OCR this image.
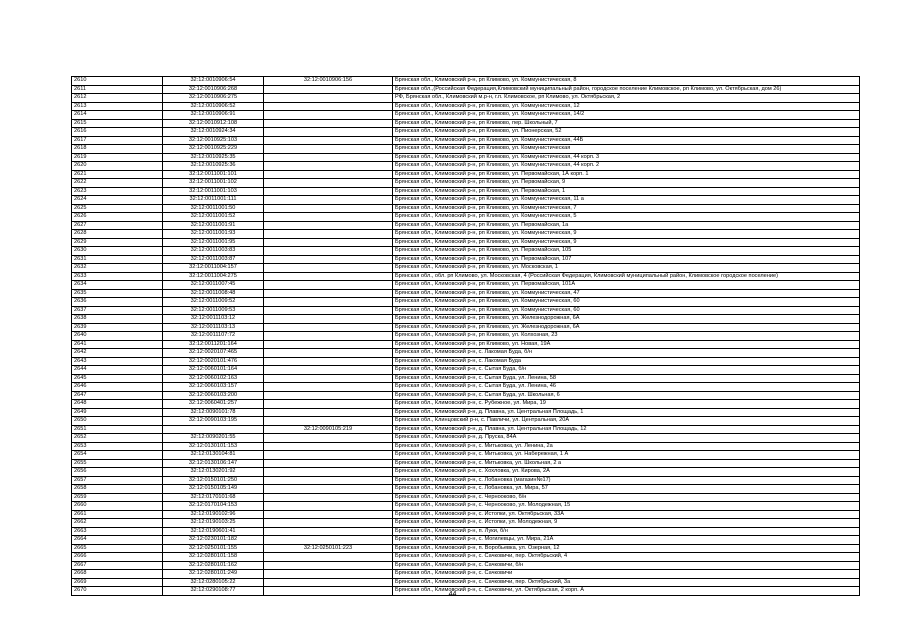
2610	32:12:0010906:54	32:12:0010906:156	Брянская обл., Климовский р-н, рп Климово, ул. Коммунистическая, 8
2611	32:12:0010906:268		Брянская обл.,(Российская Федерация,Климовский муниципальный район, городское поселение Климовское, рп Климово, ул. Октябрьская, дом 26)
2612	32:12:0010906:275		РФ, Брянская обл., Климовский м.р-н, г.п. Климовское, рп Климово, ул. Октябрьская, 2
2613	32:12:0010906:52		Брянская обл., Климовский р-н, рп Климово, ул. Коммунистическая, 12
2614	32:12:0010906:91		Брянская обл., Климовский р-н, рп Климово, ул. Коммунистическая, 14/2
2615	32:12:0010912:108		Брянская обл., Климовский р-н, рп Климово, пер. Школьный, 7
2616	32:12:0010924:34		Брянская обл., Климовский р-н, рп Климово, ул. Пионерская, 52
2617	32:12:0010925:103		Брянская обл., Климовский р-н, рп Климово, ул. Коммунистическая, 44Б
2618	32:12:0010925:229		Брянская обл., Климовский р-н, рп Климово, ул. Коммунистическая
2619	32:12:0010925:35		Брянская обл., Климовский р-н, рп Климово, ул. Коммунистическая, 44 корп. 3
2620	32:12:0010925:36		Брянская обл., Климовский р-н, рп Климово, ул. Коммунистическая, 44 корп. 2
2621	32:12:0011001:101		Брянская обл., Климовский р-н, рп Климово, ул. Первомайская, 1А корп. 1
2622	32:12:0011001:102		Брянская обл., Климовский р-н, рп Климово, ул. Первомайская, 9
2623	32:12:0011001:103		Брянская обл., Климовский р-н, рп Климово, ул. Первомайская, 1
2624	32:12:0011001:111		Брянская обл., Климовский р-н, рп Климово, ул. Коммунистическая, 11 а
2625	32:12:0011001:50		Брянская обл., Климовский р-н, рп Климово, ул. Коммунистическая, 7
2626	32:12:0011001:52		Брянская обл., Климовский р-н, рп Климово, ул. Коммунистическая, 5
2627	32:12:0011001:91		Брянская обл., Климовский р-н, рп Климово, ул. Первомайская, 1а
2628	32:12:0011001:93		Брянская обл., Климовский р-н, рп Климово, ул. Коммунистическая, 9
2629	32:12:0011001:95		Брянская обл., Климовский р-н, рп Климово, ул. Коммунистическая, 9
2630	32:12:0011003:83		Брянская обл., Климовский р-н, рп Климово, ул. Первомайская, 105
2631	32:12:0011003:87		Брянская обл., Климовский р-н, рп Климово, ул. Первомайская, 107
2632	32:12:0011004:157		Брянская обл., Климовский р-н, рп Климово, ул. Московская, 1
2633	32:12:0011004:275		Брянская обл., обл. рп Климово, ул. Московская, 4 (Российская Федерация, Климовский муниципальный район, Климовское городское поселение)
2634	32:12:0011007:45		Брянская обл., Климовский р-н, рп Климово, ул. Первомайская, 101А
2635	32:12:0011008:48		Брянская обл., Климовский р-н, рп Климово, ул. Коммунистическая, 47
2636	32:12:0011009:52		Брянская обл., Климовский р-н, рп Климово, ул. Коммунистическая, 60
2637	32:12:0011009:53		Брянская обл., Климовский р-н, рп Климово, ул. Коммунистическая, 60
2638	32:12:0011103:12		Брянская обл., Климовский р-н, рп Климово, ул. Железнодорожная, 6А
2639	32:12:0011103:13		Брянская обл., Климовский р-н, рп Климово, ул. Железнодорожная, 6А
2640	32:12:0011107:72		Брянская обл., Климовский р-н, рп Климово, ул. Колхозная, 23
2641	32:12:0011201:164		Брянская обл., Климовский р-н, рп Климово, ул. Новая, 19А
2642	32:12:0020107:465		Брянская обл., Климовский р-н, с. Лакомая Буда, б/н
2643	32:12:0020101:476		Брянская обл., Климовский р-н, с. Лакомая Буда
2644	32:12:0060101:164		Брянская обл., Климовский р-н, с. Сытая Буда, б/н
2645	32:12:0060102:163		Брянская обл., Климовский р-н, с. Сытая Буда, ул. Ленина, 58
2646	32:12:0060103:157		Брянская обл., Климовский р-н, с. Сытая Буда, ул. Ленина, 46
2647	32:12:0060103:200		Брянская обл., Климовский р-н, с. Сытая Буда, ул. Школьная, 6
2648	32:12:0060401:257		Брянская обл., Климовский р-н, с. Рубежное, ул. Мира, 19
2649	32:12:0090101:78		Брянская обл., Климовский р-н, д. Плавна, ул. Центральная Площадь, 1
2650	32:12:0090103:195		Брянская обл., Клинцовский р-н, с. Павличи, ул. Центральная, 20А
2651		32:12:0090105:219	Брянская обл., Климовский р-н, д. Плавна, ул. Центральная Площадь, 12
2652	32:12:0090201:55		Брянская обл., Климовский р-н, д. Пруска, 84А
2653	32:12:0130101:153		Брянская обл., Климовский р-н, с. Митьковка, ул. Ленина, 2а
2654	32:12:0130104:81		Брянская обл., Климовский р-н, с. Митьковка, ул. Набережная, 1 А
2655	32:12:0130106:147		Брянская обл., Климовский р-н, с. Митьковка, ул. Школьная, 2 а
2656	32:12:0130201:92		Брянская обл., Климовский р-н, с. Хохловка, ул. Кирова, 2А
2657	32:12:0150101:250		Брянская обл., Климовский р-н, с. Лобановка (магазин№17)
2658	32:12:0150105:149		Брянская обл., Климовский р-н, с. Лобановка, ул. Мира, 57
2659	32:12:0170101:68		Брянская обл., Климовский р-н, с. Чернооково, б/н
2660	32:12:0170104:153		Брянская обл., Климовский р-н, с. Чернооково, ул. Молодежная, 15
2661	32:12:0190102:96		Брянская обл., Климовский р-н, с. Истопки, ул. Октябрьская, 33А
2662	32:12:0190103:25		Брянская обл., Климовский р-н, с. Истопки, ул. Молодежная, 9
2663	32:12:0190601:41		Брянская обл., Климовский р-н, п. Луки, б/н
2664	32:12:0230101:182		Брянская обл., Климовский р-н, с. Могилевцы, ул. Мира, 21А
2665	32:12:0250101:155	32:12:0250101:223	Брянская обл., Климовский р-н, п. Воробьевка, ул. Озерная, 12
2666	32:12:0280101:158		Брянская обл., Климовский р-н, с. Сачковичи, пер. Октябрьский, 4
2667	32:12:0280101:162		Брянская обл., Климовский р-н, с. Сачковичи, б/н
2668	32:12:0280101:249		Брянская обл., Климовский р-н, с. Сачковичи
2669	32:12:0280105:22		Брянская обл., Климовский р-н, с. Сачковичи, пер. Октябрьский, 3а
2670	32:12:0290108:77		Брянская обл., Климовский р-н, с. Сачковичи, ул. Октябрьская, 2 корп. А
44
